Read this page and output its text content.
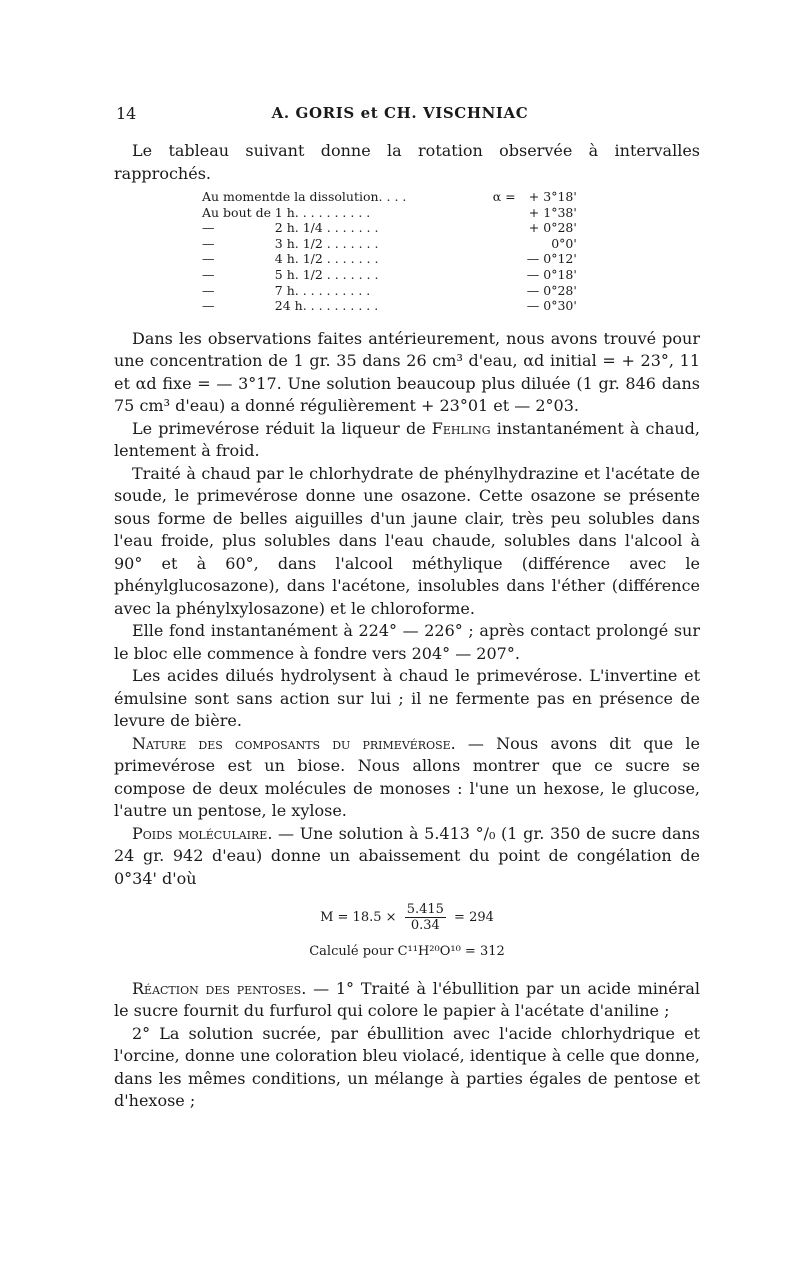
14	A. GORIS et CH. VISCHNIAC

Le tableau suivant donne la rotation observée à intervalles rapprochés.

Au moment	de la dissolution. . . .	α =	+ 3°18'
Au bout de	1 h. . . . . . . . . .		+ 1°38'
—	2 h. 1/4 . . . . . . .		+ 0°28'
—	3 h. 1/2 . . . . . . .		0°0'
—	4 h. 1/2 . . . . . . .		— 0°12'
—	5 h. 1/2 . . . . . . .		— 0°18'
—	7 h. . . . . . . . . .		— 0°28'
—	24 h. . . . . . . . . .		— 0°30'

Dans les observations faites antérieurement, nous avons trouvé pour une concentration de 1 gr. 35 dans 26 cm³ d'eau, αd initial = + 23°, 11 et αd fixe = — 3°17. Une solution beaucoup plus diluée (1 gr. 846 dans 75 cm³ d'eau) a donné régulièrement + 23°01 et — 2°03.

Le primevérose réduit la liqueur de Fehling instantanément à chaud, lentement à froid.

Traité à chaud par le chlorhydrate de phénylhydrazine et l'acétate de soude, le primevérose donne une osazone. Cette osazone se présente sous forme de belles aiguilles d'un jaune clair, très peu solubles dans l'eau froide, plus solubles dans l'eau chaude, solubles dans l'alcool à 90° et à 60°, dans l'alcool méthylique (différence avec le phénylglucosazone), dans l'acétone, insolubles dans l'éther (différence avec la phénylxylosazone) et le chloroforme.

Elle fond instantanément à 224° — 226° ; après contact prolongé sur le bloc elle commence à fondre vers 204° — 207°.

Les acides dilués hydrolysent à chaud le primevérose. L'invertine et émulsine sont sans action sur lui ; il ne fermente pas en présence de levure de bière.

Nature des composants du primevérose. — Nous avons dit que le primevérose est un biose. Nous allons montrer que ce sucre se compose de deux molécules de monoses : l'une un hexose, le glucose, l'autre un pentose, le xylose.

Poids moléculaire. — Une solution à 5.413 °/₀ (1 gr. 350 de sucre dans 24 gr. 942 d'eau) donne un abaissement du point de congélation de 0°34' d'où

$M = 18.5 \times \frac{5.415}{0.34} = 294$
Calculé pour C¹¹H²⁰O¹⁰ = 312

Réaction des pentoses. — 1° Traité à l'ébullition par un acide minéral le sucre fournit du furfurol qui colore le papier à l'acétate d'aniline ;

2° La solution sucrée, par ébullition avec l'acide chlorhydrique et l'orcine, donne une coloration bleu violacé, identique à celle que donne, dans les mêmes conditions, un mélange à parties égales de pentose et d'hexose ;
